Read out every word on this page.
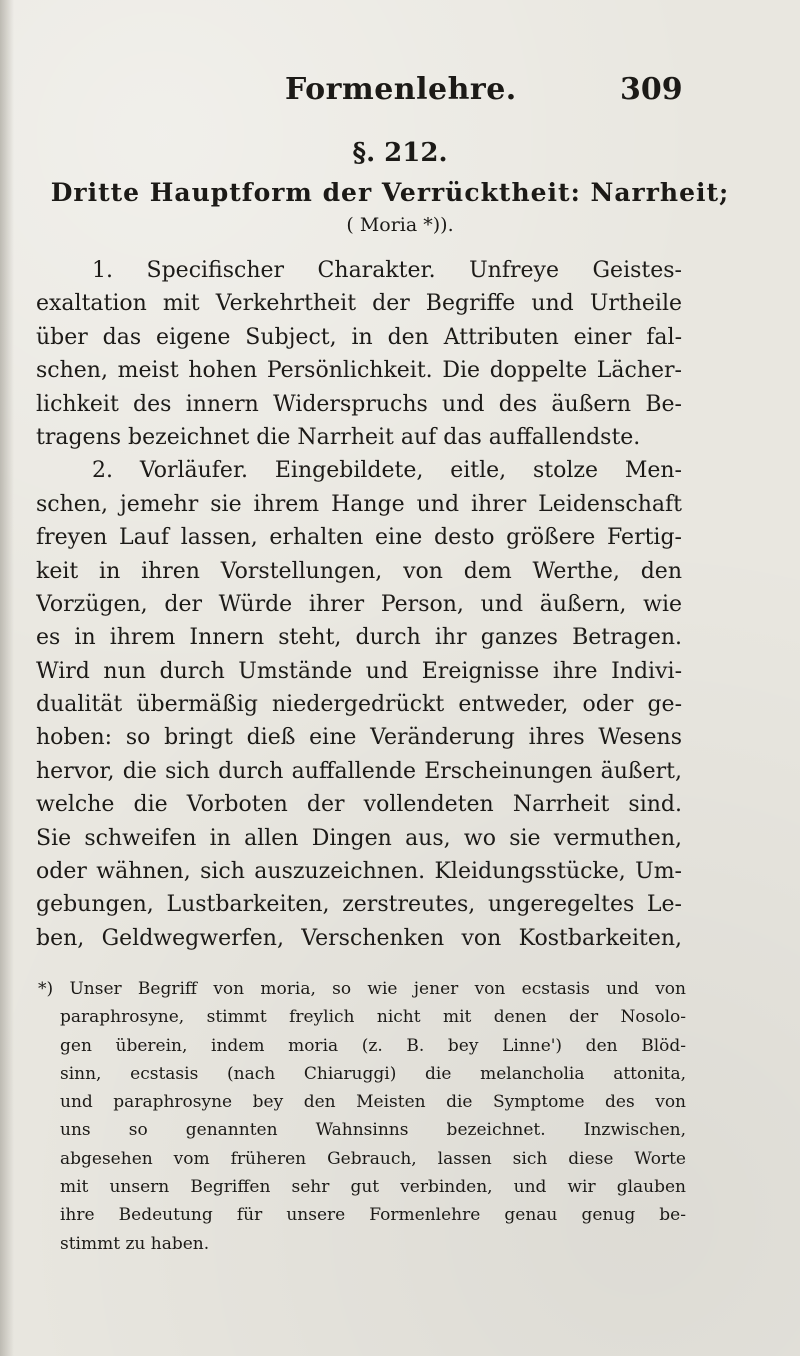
Formenlehre.	309
§. 212.
Dritte Hauptform der Verrücktheit: Narrheit;
( Moria *)).
1. Specifischer Charakter. Unfreye Geistes-
exaltation mit Verkehrtheit der Begriffe und Urtheile
über das eigene Subject, in den Attributen einer fal-
schen, meist hohen Persönlichkeit. Die doppelte Lächer-
lichkeit des innern Widerspruchs und des äußern Be-
tragens bezeichnet die Narrheit auf das auffallendste.
2. Vorläufer. Eingebildete, eitle, stolze Men-
schen, jemehr sie ihrem Hange und ihrer Leidenschaft
freyen Lauf lassen, erhalten eine desto größere Fertig-
keit in ihren Vorstellungen, von dem Werthe, den
Vorzügen, der Würde ihrer Person, und äußern, wie
es in ihrem Innern steht, durch ihr ganzes Betragen.
Wird nun durch Umstände und Ereignisse ihre Indivi-
dualität übermäßig niedergedrückt entweder, oder ge-
hoben: so bringt dieß eine Veränderung ihres Wesens
hervor, die sich durch auffallende Erscheinungen äußert,
welche die Vorboten der vollendeten Narrheit sind.
Sie schweifen in allen Dingen aus, wo sie vermuthen,
oder wähnen, sich auszuzeichnen. Kleidungsstücke, Um-
gebungen, Lustbarkeiten, zerstreutes, ungeregeltes Le-
ben, Geldwegwerfen, Verschenken von Kostbarkeiten,
*) Unser Begriff von moria, so wie jener von ecstasis und von
paraphrosyne, stimmt freylich nicht mit denen der Nosolo-
gen überein, indem moria (z. B. bey Linne') den Blöd-
sinn, ecstasis (nach Chiaruggi) die melancholia attonita,
und paraphrosyne bey den Meisten die Symptome des von
uns so genannten Wahnsinns bezeichnet. Inzwischen,
abgesehen vom früheren Gebrauch, lassen sich diese Worte
mit unsern Begriffen sehr gut verbinden, und wir glauben
ihre Bedeutung für unsere Formenlehre genau genug be-
stimmt zu haben.
